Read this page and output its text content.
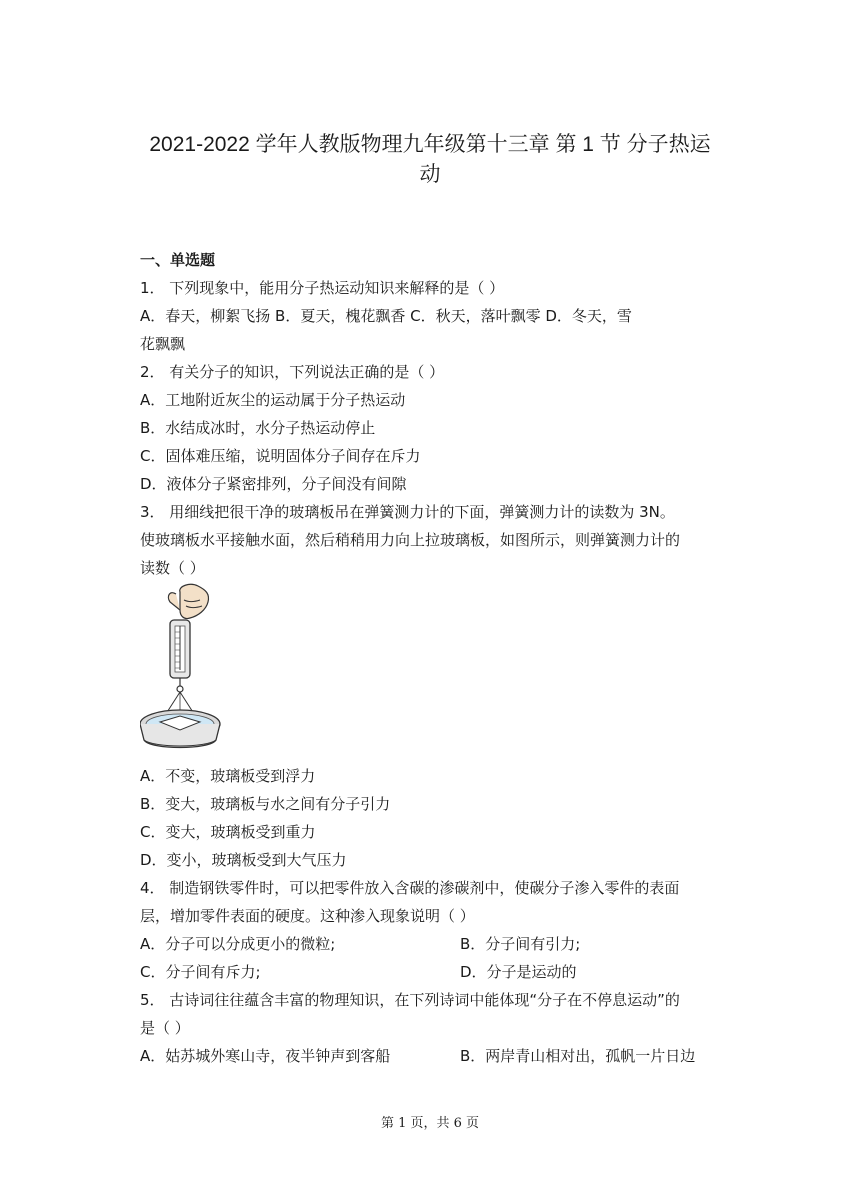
2021-2022 学年人教版物理九年级第十三章 第 1 节 分子热运
动
一、单选题
1． 下列现象中，能用分子热运动知识来解释的是（ ）
A．春天，柳絮飞扬 B．夏天，槐花飘香 C．秋天，落叶飘零 D．冬天，雪
花飘飘
2． 有关分子的知识，下列说法正确的是（ ）
A．工地附近灰尘的运动属于分子热运动
B．水结成冰时，水分子热运动停止
C．固体难压缩，说明固体分子间存在斥力
D．液体分子紧密排列，分子间没有间隙
3． 用细线把很干净的玻璃板吊在弹簧测力计的下面，弹簧测力计的读数为 3N。
使玻璃板水平接触水面，然后稍稍用力向上拉玻璃板，如图所示，则弹簧测力计的
读数（ ）
A．不变，玻璃板受到浮力
B．变大，玻璃板与水之间有分子引力
C．变大，玻璃板受到重力
D．变小，玻璃板受到大气压力
4． 制造钢铁零件时，可以把零件放入含碳的渗碳剂中，使碳分子渗入零件的表面
层，增加零件表面的硬度。这种渗入现象说明（ ）
A．分子可以分成更小的微粒;	B．分子间有引力;
C．分子间有斥力;	D．分子是运动的
5． 古诗词往往蕴含丰富的物理知识，在下列诗词中能体现“分子在不停息运动”的
是（ ）
A．姑苏城外寒山寺，夜半钟声到客船	B．两岸青山相对出，孤帆一片日边
第 1 页，共 6 页
